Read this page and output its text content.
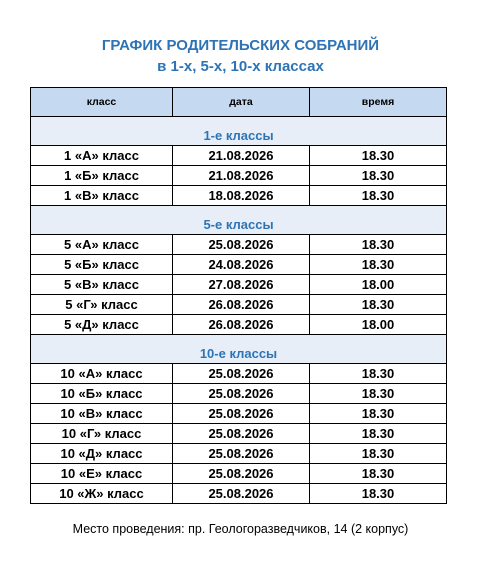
ГРАФИК РОДИТЕЛЬСКИХ СОБРАНИЙ
в 1-х, 5-х, 10-х классах
класс	дата	время

1-е классы		
1 «А» класс	21.08.2026	18.30
1 «Б» класс	21.08.2026	18.30
1 «В» класс	18.08.2026	18.30

5-е классы		
5 «А» класс	25.08.2026	18.30
5 «Б» класс	24.08.2026	18.30
5 «В» класс	27.08.2026	18.00
5 «Г» класс	26.08.2026	18.30
5 «Д» класс	26.08.2026	18.00

10-е классы		
10 «А» класс	25.08.2026	18.30
10 «Б» класс	25.08.2026	18.30
10 «В» класс	25.08.2026	18.30
10 «Г» класс	25.08.2026	18.30
10 «Д» класс	25.08.2026	18.30
10 «Е» класс	25.08.2026	18.30
10 «Ж» класс	25.08.2026	18.30
Место проведения: пр. Геологоразведчиков, 14 (2 корпус)
